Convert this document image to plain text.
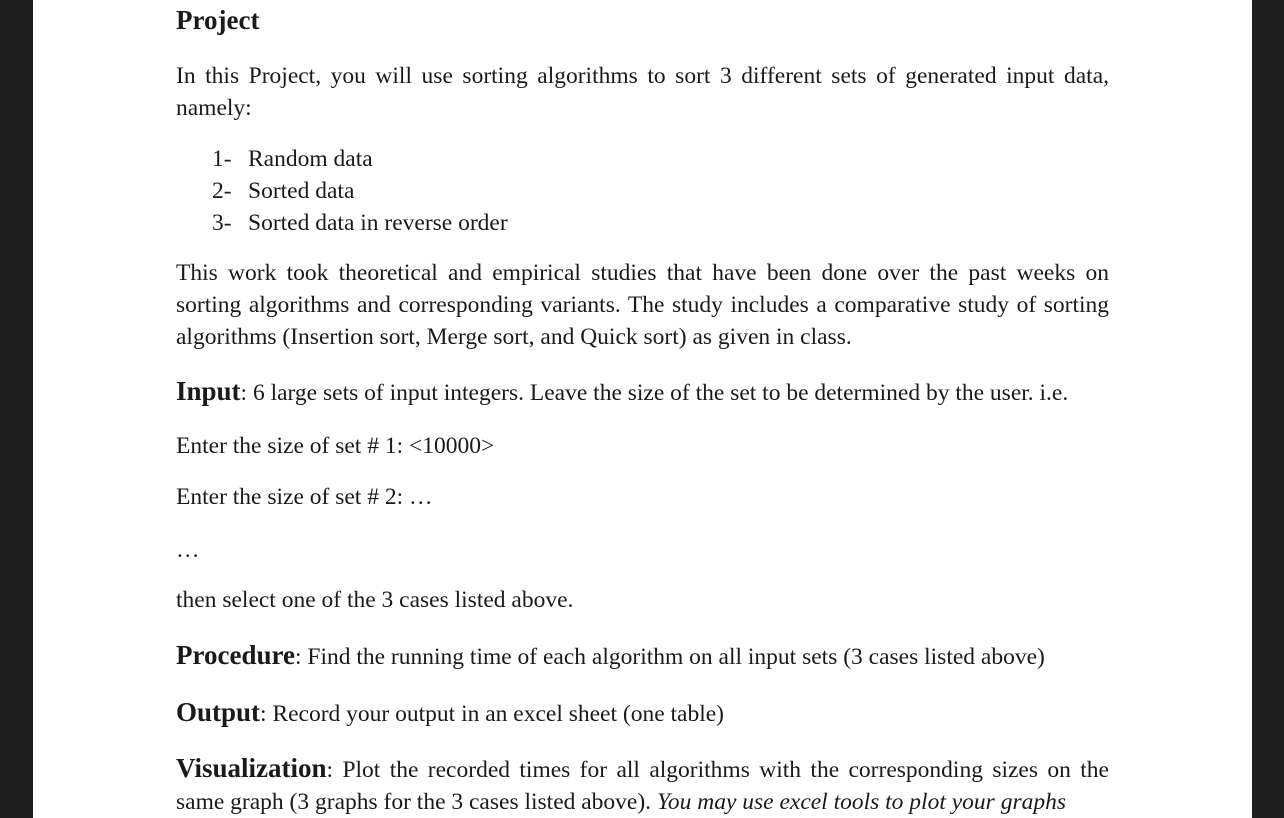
Project
In this Project, you will use sorting algorithms to sort 3 different sets of generated input data, namely:
1- Random data
2- Sorted data
3- Sorted data in reverse order
This work took theoretical and empirical studies that have been done over the past weeks on sorting algorithms and corresponding variants. The study includes a comparative study of sorting algorithms (Insertion sort, Merge sort, and Quick sort) as given in class.
Input: 6 large sets of input integers. Leave the size of the set to be determined by the user. i.e.
Enter the size of set # 1: <10000>
Enter the size of set # 2: …
…
then select one of the 3 cases listed above.
Procedure: Find the running time of each algorithm on all input sets (3 cases listed above)
Output: Record your output in an excel sheet (one table)
Visualization: Plot the recorded times for all algorithms with the corresponding sizes on the same graph (3 graphs for the 3 cases listed above). You may use excel tools to plot your graphs
